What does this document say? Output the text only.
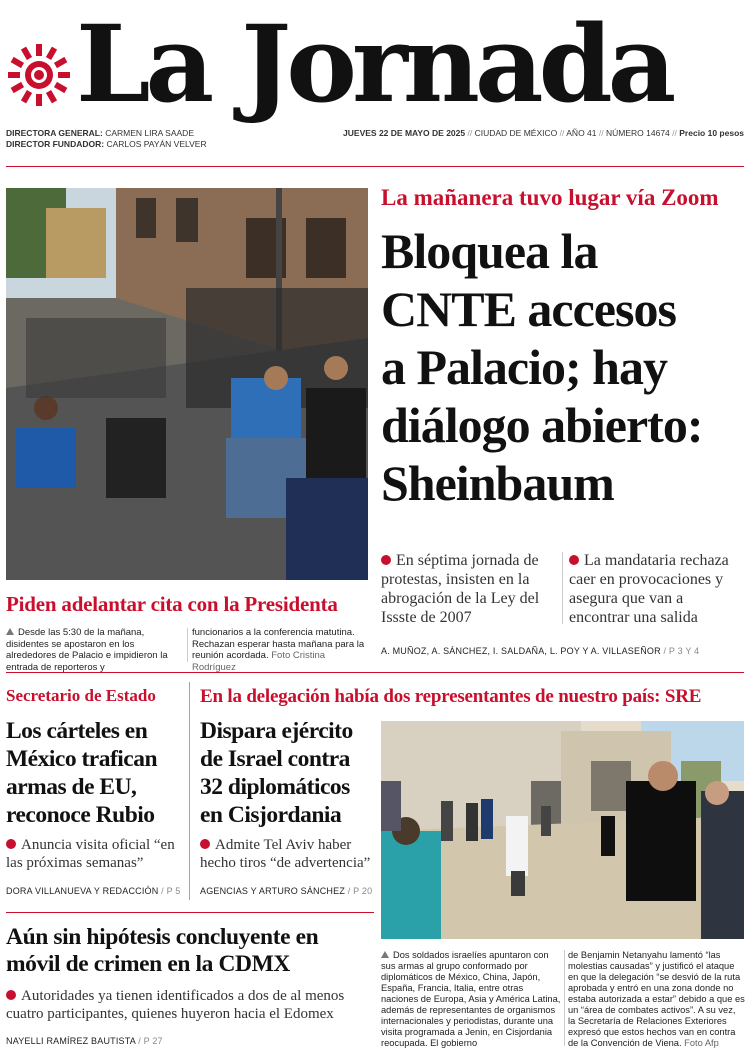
La Jornada
DIRECTORA GENERAL: CARMEN LIRA SAADE
DIRECTOR FUNDADOR: CARLOS PAYÁN VELVER
JUEVES 22 DE MAYO DE 2025 // CIUDAD DE MÉXICO // AÑO 41 // NÚMERO 14674 // Precio 10 pesos
La mañanera tuvo lugar vía Zoom
Bloquea la
CNTE accesos
a Palacio; hay
diálogo abierto:
Sheinbaum
En séptima jornada de protestas, insisten en la abrogación de la Ley del Issste de 2007
La mandataria rechaza caer en provocaciones y asegura que van a encontrar una salida
A. MUÑOZ, A. SÁNCHEZ, I. SALDAÑA, L. POY Y A. VILLASEÑOR / P 3 Y 4
Piden adelantar cita con la Presidenta
Desde las 5:30 de la mañana, disidentes se apostaron en los alrededores de Palacio e impidieron la entrada de reporteros y
funcionarios a la conferencia matutina. Rechazan esperar hasta mañana para la reunión acordada. Foto Cristina Rodríguez
Secretario de Estado
Los cárteles en México trafican armas de EU, reconoce Rubio
Anuncia visita oficial “en las próximas semanas”
DORA VILLANUEVA Y REDACCIÓN / P 5
En la delegación había dos representantes de nuestro país: SRE
Dispara ejército de Israel contra 32 diplomáticos en Cisjordania
Admite Tel Aviv haber hecho tiros “de advertencia”
AGENCIAS Y ARTURO SÁNCHEZ / P 20
Aún sin hipótesis concluyente en móvil de crimen en la CDMX
Autoridades ya tienen identificados a dos de al menos cuatro participantes, quienes huyeron hacia el Edomex
NAYELLI RAMÍREZ BAUTISTA / P 27
Dos soldados israelíes apuntaron con sus armas al grupo conformado por diplomáticos de México, China, Japón, España, Francia, Italia, entre otras naciones de Europa, Asia y América Latina, además de representantes de organismos internacionales y periodistas, durante una visita programada a Jenin, en Cisjordania reocupada. El gobierno
de Benjamin Netanyahu lamentó “las molestias causadas” y justificó el ataque en que la delegación “se desvió de la ruta aprobada y entró en una zona donde no estaba autorizada a estar” debido a que es un “área de combates activos”. A su vez, la Secretaría de Relaciones Exteriores expresó que estos hechos van en contra de la Convención de Viena. Foto Afp
